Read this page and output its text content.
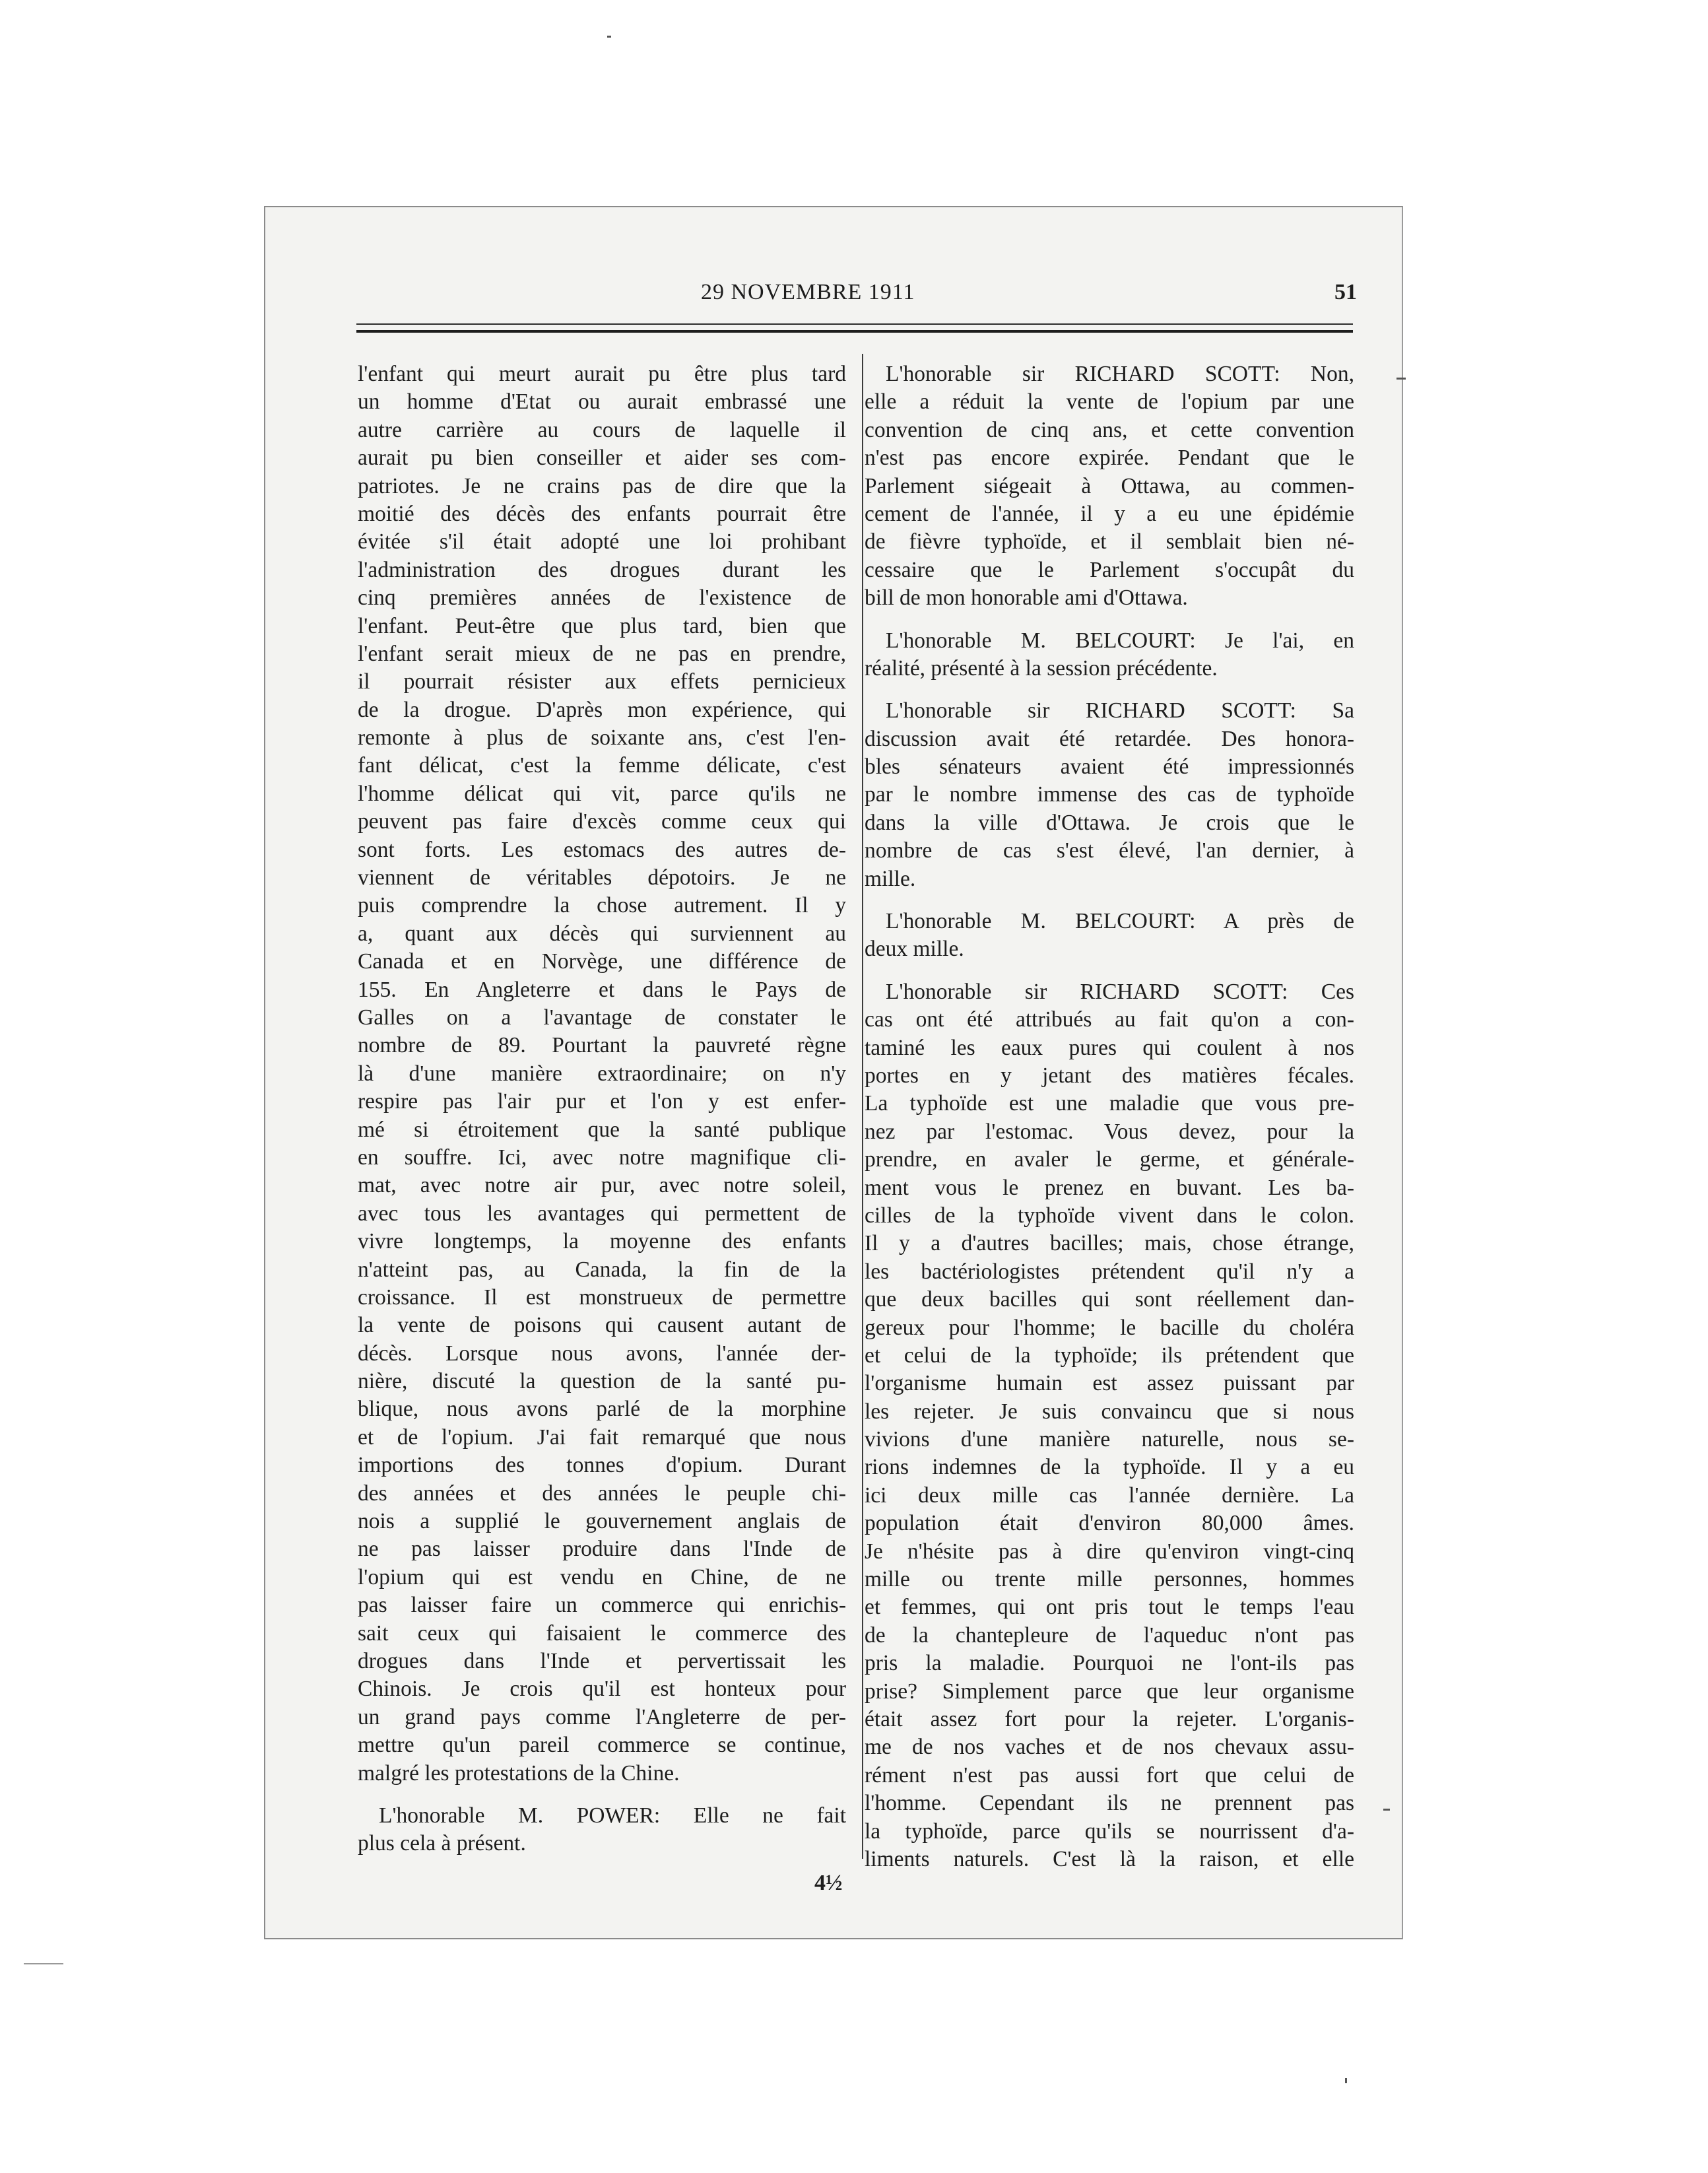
29 NOVEMBRE 1911	51
l'enfant qui meurt aurait pu être plus tard
un homme d'Etat ou aurait embrassé une
autre carrière au cours de laquelle il
aurait pu bien conseiller et aider ses com-
patriotes. Je ne crains pas de dire que la
moitié des décès des enfants pourrait être
évitée s'il était adopté une loi prohibant
l'administration des drogues durant les
cinq premières années de l'existence de
l'enfant. Peut-être que plus tard, bien que
l'enfant serait mieux de ne pas en prendre,
il pourrait résister aux effets pernicieux
de la drogue. D'après mon expérience, qui
remonte à plus de soixante ans, c'est l'en-
fant délicat, c'est la femme délicate, c'est
l'homme délicat qui vit, parce qu'ils ne
peuvent pas faire d'excès comme ceux qui
sont forts. Les estomacs des autres de-
viennent de véritables dépotoirs. Je ne
puis comprendre la chose autrement. Il y
a, quant aux décès qui surviennent au
Canada et en Norvège, une différence de
155. En Angleterre et dans le Pays de
Galles on a l'avantage de constater le
nombre de 89. Pourtant la pauvreté règne
là d'une manière extraordinaire; on n'y
respire pas l'air pur et l'on y est enfer-
mé si étroitement que la santé publique
en souffre. Ici, avec notre magnifique cli-
mat, avec notre air pur, avec notre soleil,
avec tous les avantages qui permettent de
vivre longtemps, la moyenne des enfants
n'atteint pas, au Canada, la fin de la
croissance. Il est monstrueux de permettre
la vente de poisons qui causent autant de
décès. Lorsque nous avons, l'année der-
nière, discuté la question de la santé pu-
blique, nous avons parlé de la morphine
et de l'opium. J'ai fait remarqué que nous
importions des tonnes d'opium. Durant
des années et des années le peuple chi-
nois a supplié le gouvernement anglais de
ne pas laisser produire dans l'Inde de
l'opium qui est vendu en Chine, de ne
pas laisser faire un commerce qui enrichis-
sait ceux qui faisaient le commerce des
drogues dans l'Inde et pervertissait les
Chinois. Je crois qu'il est honteux pour
un grand pays comme l'Angleterre de per-
mettre qu'un pareil commerce se continue,
malgré les protestations de la Chine.
L'honorable M. POWER: Elle ne fait
plus cela à présent.
L'honorable sir RICHARD SCOTT: Non,
elle a réduit la vente de l'opium par une
convention de cinq ans, et cette convention
n'est pas encore expirée. Pendant que le
Parlement siégeait à Ottawa, au commen-
cement de l'année, il y a eu une épidémie
de fièvre typhoïde, et il semblait bien né-
cessaire que le Parlement s'occupât du
bill de mon honorable ami d'Ottawa.
L'honorable M. BELCOURT: Je l'ai, en
réalité, présenté à la session précédente.
L'honorable sir RICHARD SCOTT: Sa
discussion avait été retardée. Des honora-
bles sénateurs avaient été impressionnés
par le nombre immense des cas de typhoïde
dans la ville d'Ottawa. Je crois que le
nombre de cas s'est élevé, l'an dernier, à
mille.
L'honorable M. BELCOURT: A près de
deux mille.
L'honorable sir RICHARD SCOTT: Ces
cas ont été attribués au fait qu'on a con-
taminé les eaux pures qui coulent à nos
portes en y jetant des matières fécales.
La typhoïde est une maladie que vous pre-
nez par l'estomac. Vous devez, pour la
prendre, en avaler le germe, et générale-
ment vous le prenez en buvant. Les ba-
cilles de la typhoïde vivent dans le colon.
Il y a d'autres bacilles; mais, chose étrange,
les bactériologistes prétendent qu'il n'y a
que deux bacilles qui sont réellement dan-
gereux pour l'homme; le bacille du choléra
et celui de la typhoïde; ils prétendent que
l'organisme humain est assez puissant par
les rejeter. Je suis convaincu que si nous
vivions d'une manière naturelle, nous se-
rions indemnes de la typhoïde. Il y a eu
ici deux mille cas l'année dernière. La
population était d'environ 80,000 âmes.
Je n'hésite pas à dire qu'environ vingt-cinq
mille ou trente mille personnes, hommes
et femmes, qui ont pris tout le temps l'eau
de la chantepleure de l'aqueduc n'ont pas
pris la maladie. Pourquoi ne l'ont-ils pas
prise? Simplement parce que leur organisme
était assez fort pour la rejeter. L'organis-
me de nos vaches et de nos chevaux assu-
rément n'est pas aussi fort que celui de
l'homme. Cependant ils ne prennent pas
la typhoïde, parce qu'ils se nourrissent d'a-
liments naturels. C'est là la raison, et elle
4½
